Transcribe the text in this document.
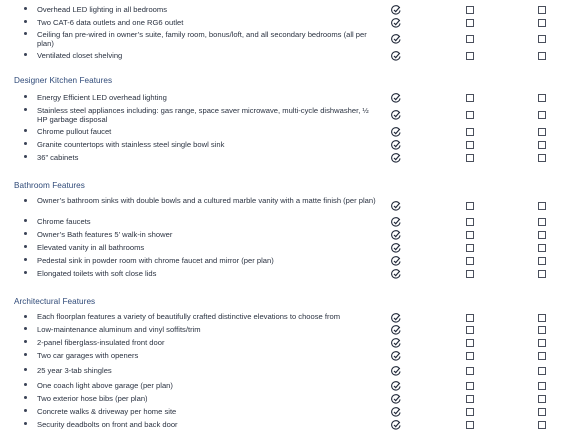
Overhead LED lighting in all bedrooms
Two CAT-6 data outlets and one RG6 outlet
Ceiling fan pre-wired in owner’s suite, family room, bonus/loft, and all secondary bedrooms (all per plan)
Ventilated closet shelving
Designer Kitchen Features
Energy Efficient LED overhead lighting
Stainless steel appliances including: gas range, space saver microwave, multi-cycle dishwasher, ½ HP garbage disposal
Chrome pullout faucet
Granite countertops with stainless steel single bowl sink
36” cabinets
Bathroom Features
Owner’s bathroom sinks with double bowls and a cultured marble vanity with a matte finish (per plan)
Chrome faucets
Owner’s Bath features 5’ walk-in shower
Elevated vanity in all bathrooms
Pedestal sink in powder room with chrome faucet and mirror (per plan)
Elongated toilets with soft close lids
Architectural Features
Each floorplan features a variety of beautifully crafted distinctive elevations to choose from
Low-maintenance aluminum and vinyl soffits/trim
2-panel fiberglass-insulated front door
Two car garages with openers
25 year 3-tab shingles
One coach light above garage (per plan)
Two exterior hose bibs (per plan)
Concrete walks & driveway per home site
Security deadbolts on front and back door
